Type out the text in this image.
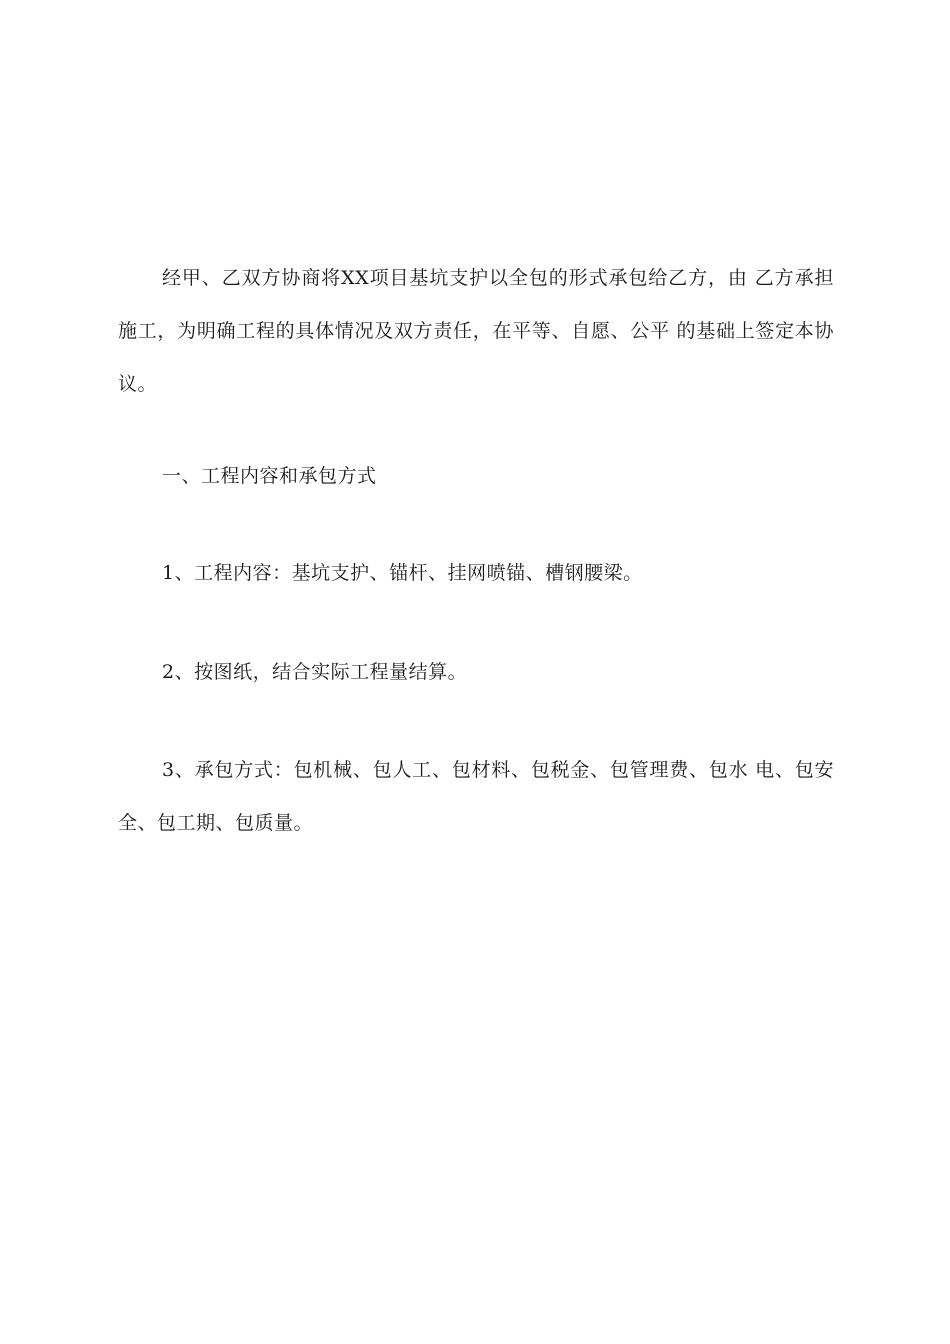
经甲、乙双方协商将XX项目基坑支护以全包的形式承包给乙方，由 乙方承担施工，为明确工程的具体情况及双方责任，在平等、自愿、公平 的基础上签定本协议。

一、工程内容和承包方式

1、工程内容：基坑支护、锚杆、挂网喷锚、槽钢腰梁。

2、按图纸，结合实际工程量结算。

3、承包方式：包机械、包人工、包材料、包税金、包管理费、包水 电、包安全、包工期、包质量。
